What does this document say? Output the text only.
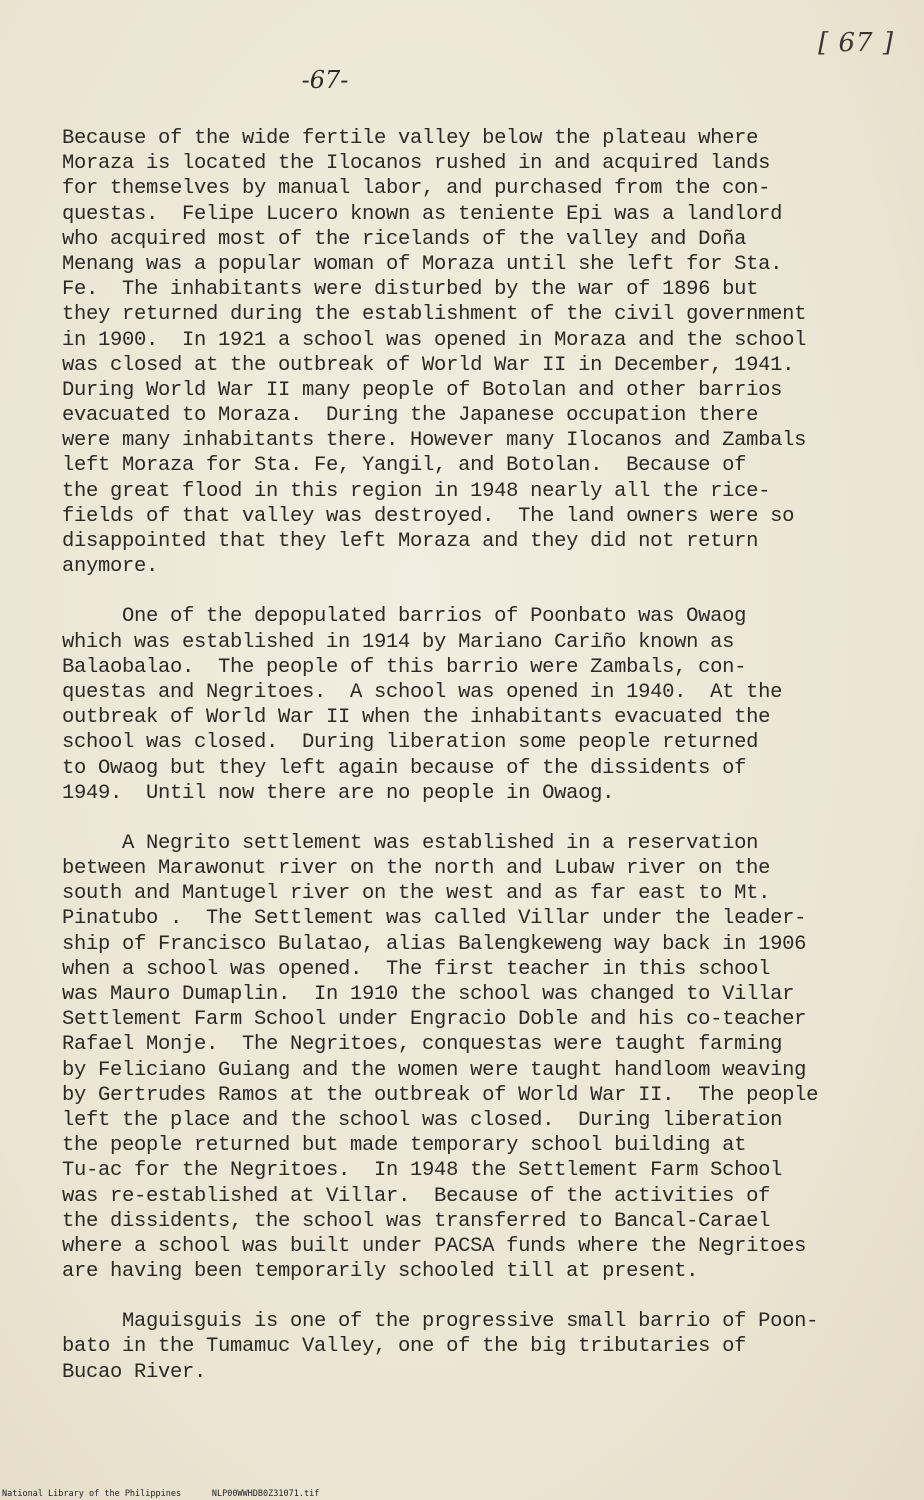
[ 67 ]
-67-
Because of the wide fertile valley below the plateau where
Moraza is located the Ilocanos rushed in and acquired lands
for themselves by manual labor, and purchased from the con-
questas.  Felipe Lucero known as teniente Epi was a landlord
who acquired most of the ricelands of the valley and Doña
Menang was a popular woman of Moraza until she left for Sta.
Fe.  The inhabitants were disturbed by the war of 1896 but
they returned during the establishment of the civil government
in 1900.  In 1921 a school was opened in Moraza and the school
was closed at the outbreak of World War II in December, 1941.
During World War II many people of Botolan and other barrios
evacuated to Moraza.  During the Japanese occupation there
were many inhabitants there. However many Ilocanos and Zambals
left Moraza for Sta. Fe, Yangil, and Botolan.  Because of
the great flood in this region in 1948 nearly all the rice-
fields of that valley was destroyed.  The land owners were so
disappointed that they left Moraza and they did not return
anymore.
One of the depopulated barrios of Poonbato was Owaog
which was established in 1914 by Mariano Cariño known as
Balaobalao.  The people of this barrio were Zambals, con-
questas and Negritoes.  A school was opened in 1940.  At the
outbreak of World War II when the inhabitants evacuated the
school was closed.  During liberation some people returned
to Owaog but they left again because of the dissidents of
1949.  Until now there are no people in Owaog.
A Negrito settlement was established in a reservation
between Marawonut river on the north and Lubaw river on the
south and Mantugel river on the west and as far east to Mt.
Pinatubo .  The Settlement was called Villar under the leader-
ship of Francisco Bulatao, alias Balengkeweng way back in 1906
when a school was opened.  The first teacher in this school
was Mauro Dumaplin.  In 1910 the school was changed to Villar
Settlement Farm School under Engracio Doble and his co-teacher
Rafael Monje.  The Negritoes, conquestas were taught farming
by Feliciano Guiang and the women were taught handloom weaving
by Gertrudes Ramos at the outbreak of World War II.  The people
left the place and the school was closed.  During liberation
the people returned but made temporary school building at
Tu-ac for the Negritoes.  In 1948 the Settlement Farm School
was re-established at Villar.  Because of the activities of
the dissidents, the school was transferred to Bancal-Carael
where a school was built under PACSA funds where the Negritoes
are having been temporarily schooled till at present.
Maguisguis is one of the progressive small barrio of Poon-
bato in the Tumamuc Valley, one of the big tributaries of
Bucao River.
National Library of the Philippines	NLP00WWHDB0Z31071.tif
